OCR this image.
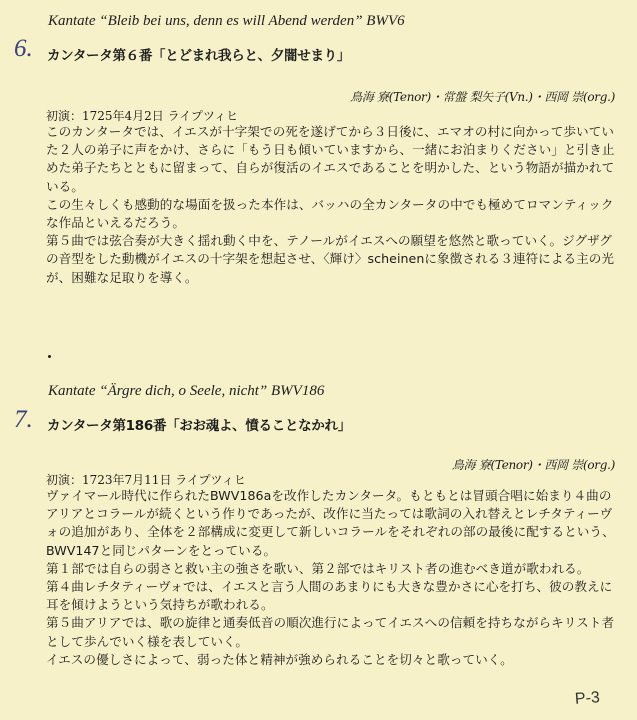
Kantate “Bleib bei uns, denn es will Abend werden” BWV6
6. カンタータ第６番「とどまれ我らと、夕闇せまり」
鳥海 寮(Tenor)・常盤 梨矢子(Vn.)・西岡 崇(org.)
初演：1725年4月2日 ライプツィヒ

このカンタータでは、イエスが十字架での死を遂げてから３日後に、エマオの村に向かって歩いていた２人の弟子に声をかけ、さらに「もう日も傾いていますから、一緒にお泊まりください」と引き止めた弟子たちとともに留まって、自らが復活のイエスであることを明かした、という物語が描かれている。

この生々しくも感動的な場面を扱った本作は、バッハの全カンタータの中でも極めてロマンティックな作品といえるだろう。

第５曲では弦合奏が大きく揺れ動く中を、テノールがイエスへの願望を悠然と歌っていく。ジグザグの音型をした動機がイエスの十字架を想起させ、〈輝け〉scheinenに象徴される３連符による主の光が、困難な足取りを導く。

Kantate “Ärgre dich, o Seele, nicht” BWV186
7. カンタータ第186番「おお魂よ、憤ることなかれ」
鳥海 寮(Tenor)・西岡 崇(org.)
初演：1723年7月11日 ライプツィヒ

ヴァイマール時代に作られたBWV186aを改作したカンタータ。もともとは冒頭合唱に始まり４曲のアリアとコラールが続くという作りであったが、改作に当たっては歌詞の入れ替えとレチタティーヴォの追加があり、全体を２部構成に変更して新しいコラールをそれぞれの部の最後に配するという、BWV147と同じパターンをとっている。

第１部では自らの弱さと救い主の強さを歌い、第２部ではキリスト者の進むべき道が歌われる。

第４曲レチタティーヴォでは、イエスと言う人間のあまりにも大きな豊かさに心を打ち、彼の教えに耳を傾けようという気持ちが歌われる。

第５曲アリアでは、歌の旋律と通奏低音の順次進行によってイエスへの信頼を持ちながらキリスト者として歩んでいく様を表していく。

イエスの優しさによって、弱った体と精神が強められることを切々と歌っていく。

P-3
